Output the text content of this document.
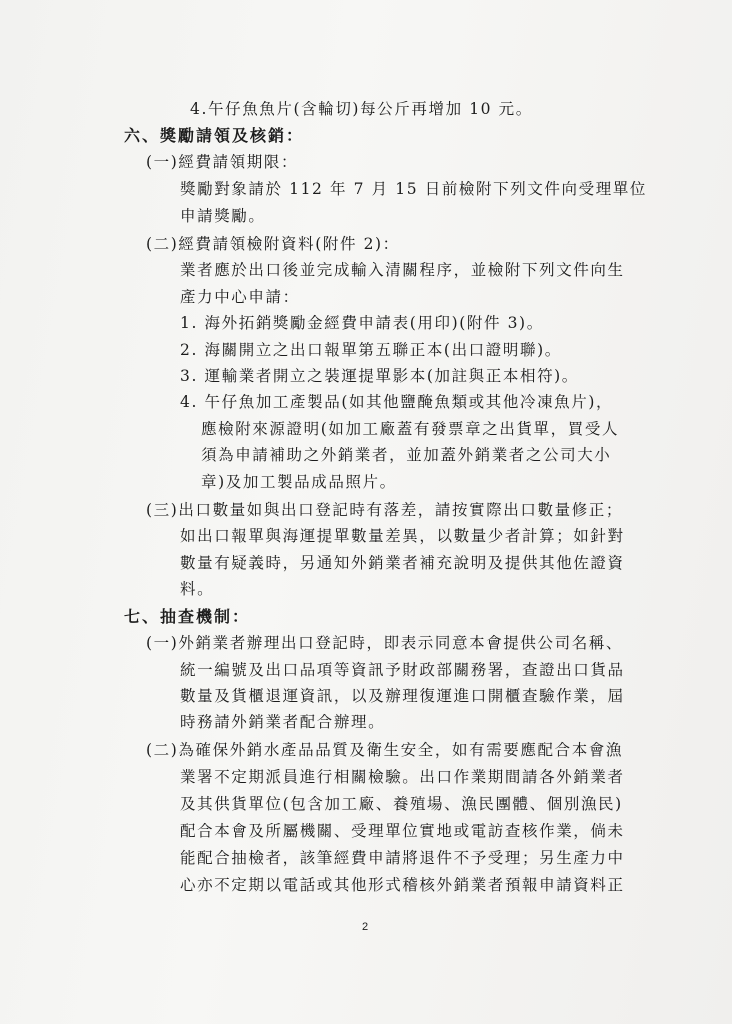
4.午仔魚魚片(含輪切)每公斤再增加 10 元。
六、獎勵請領及核銷：
(一)經費請領期限：
獎勵對象請於 112 年 7 月 15 日前檢附下列文件向受理單位
申請獎勵。
(二)經費請領檢附資料(附件 2)：
業者應於出口後並完成輸入清關程序，並檢附下列文件向生
產力中心申請：
1. 海外拓銷獎勵金經費申請表(用印)(附件 3)。
2. 海關開立之出口報單第五聯正本(出口證明聯)。
3. 運輸業者開立之裝運提單影本(加註與正本相符)。
4. 午仔魚加工產製品(如其他鹽醃魚類或其他冷凍魚片)，
應檢附來源證明(如加工廠蓋有發票章之出貨單，買受人
須為申請補助之外銷業者，並加蓋外銷業者之公司大小
章)及加工製品成品照片。
(三)出口數量如與出口登記時有落差，請按實際出口數量修正；
如出口報單與海運提單數量差異，以數量少者計算；如針對
數量有疑義時，另通知外銷業者補充說明及提供其他佐證資
料。
七、抽查機制：
(一)外銷業者辦理出口登記時，即表示同意本會提供公司名稱、
統一編號及出口品項等資訊予財政部關務署，查證出口貨品
數量及貨櫃退運資訊，以及辦理復運進口開櫃查驗作業，屆
時務請外銷業者配合辦理。
(二)為確保外銷水產品品質及衛生安全，如有需要應配合本會漁
業署不定期派員進行相關檢驗。出口作業期間請各外銷業者
及其供貨單位(包含加工廠、養殖場、漁民團體、個別漁民)
配合本會及所屬機關、受理單位實地或電訪查核作業，倘未
能配合抽檢者，該筆經費申請將退件不予受理；另生產力中
心亦不定期以電話或其他形式稽核外銷業者預報申請資料正
2
